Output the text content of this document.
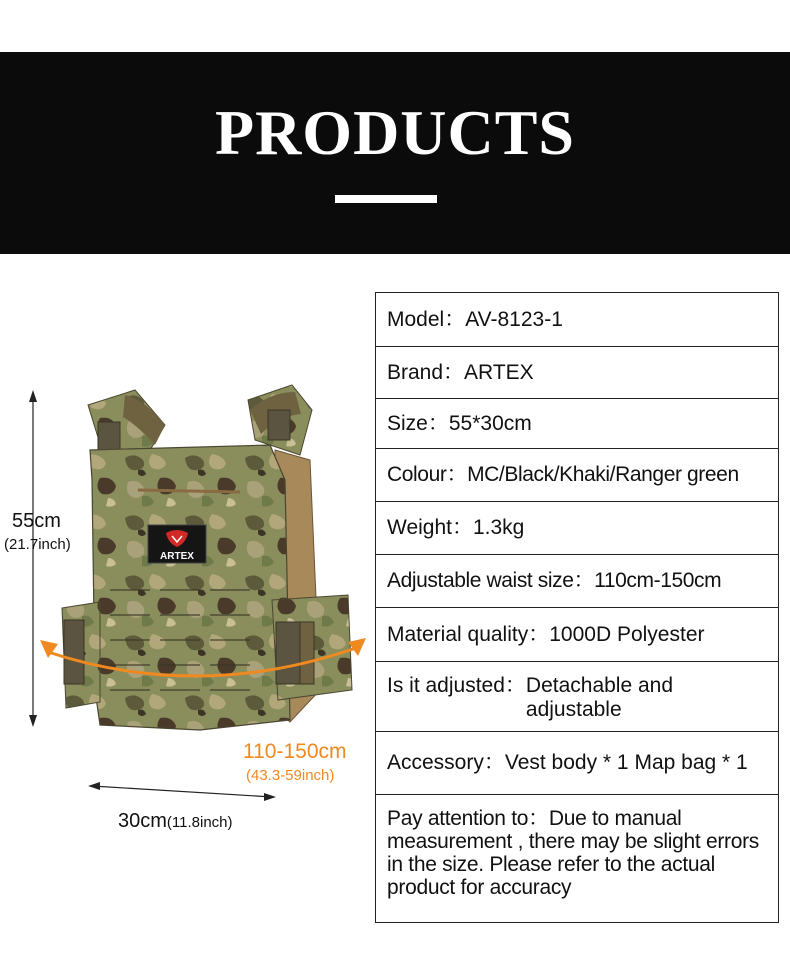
PRODUCTS
ARTEX
55cm
(21.7inch)
110-150cm
(43.3-59inch)
30cm(11.8inch)
Model： AV-8123-1
Brand： ARTEX
Size： 55*30cm
Colour： MC/Black/Khaki/Ranger green
Weight： 1.3kg
Adjustable waist size： 110cm-150cm
Material quality： 1000D Polyester
Is it adjusted： Detachable and adjustable
Accessory： Vest body * 1 Map bag * 1
Pay attention to：Due to manual measurement , there may be slight errors in the size. Please refer to the actual product for accuracy
